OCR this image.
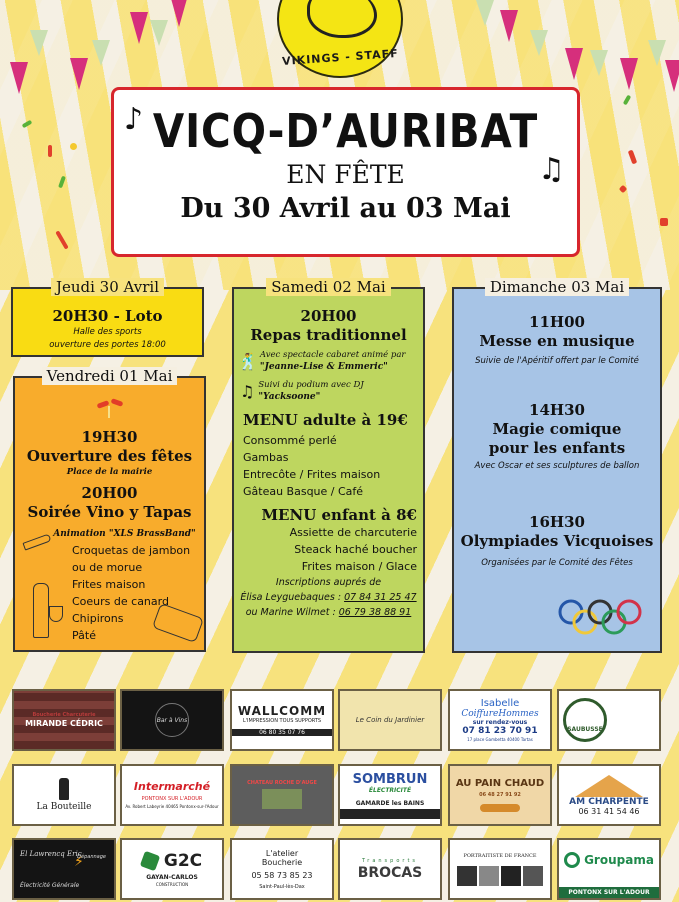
VIKINGS - STAFF
VICQ-D’AURIBAT
EN FÊTE
Du 30 Avril au 03 Mai
♪
♫
Jeudi 30 Avril
20H30 - Loto
Halle des sports
ouverture des portes 18:00
Vendredi 01 Mai
19H30
Ouverture des fêtes
Place de la mairie
20H00
Soirée Vino y Tapas
Animation "XLS BrassBand"
Croquetas de jambon
ou de morue
Frites maison
Coeurs de canard
Chipirons
Pâté
Samedi 02 Mai
20H00
Repas traditionnel
🕺 Avec spectacle cabaret animé par
"Jeanne-Lise & Emmeric"
♫ Suivi du podium avec DJ
"Yacksoone"
MENU adulte à 19€
Consommé perlé
Gambas
Entrecôte / Frites maison
Gâteau Basque / Café
MENU enfant à 8€
Assiette de charcuterie
Steack haché boucher
Frites maison / Glace
Inscriptions auprés de
Élisa Leyguebaques : 07 84 31 25 47
ou Marine Wilmet : 06 79 38 88 91
Dimanche 03 Mai
11H00
Messe en musique
Suivie de l'Apéritif offert par le Comité
14H30
Magie comique pour les enfants
Avec Oscar et ses sculptures de ballon
16H30
Olympiades Vicquoises
Organisées par le Comité des Fêtes
Boucherie Charcuterie
MIRANDE CÉDRIC	Bar à Vins
WALLCOMM
L'IMPRESSION TOUS SUPPORTS
06 80 35 07 76
Le Coin du Jardinier
Isabelle
CoiffureHommes
sur rendez-vous
07 81 23 70 91
17 place Gambetta 40400 Tartas
SAUBUSSE
La Bouteille
Intermarché
PONTONX SUR L'ADOUR
Av. Robert Labeyrie 40465 Pontonx-sur-l'Adour
CHATEAU ROCHE D'AUGE	SOMBRUN
ÉLECTRICITÉ
GAMARDE les BAINS
AU PAIN CHAUD
06 48 27 91 92
AM CHARPENTE
06 31 41 54 46
El Lawrencq Eric
⚡
Électricité Générale
Dépannage	G2C
GAYAN-CARLOS
CONSTRUCTION
L'atelier
Boucherie
05 58 73 85 23
Saint-Paul-lès-Dax
Transports
BROCAS
PORTRAITISTE DE FRANCE	Groupama
PONTONX SUR L'ADOUR
